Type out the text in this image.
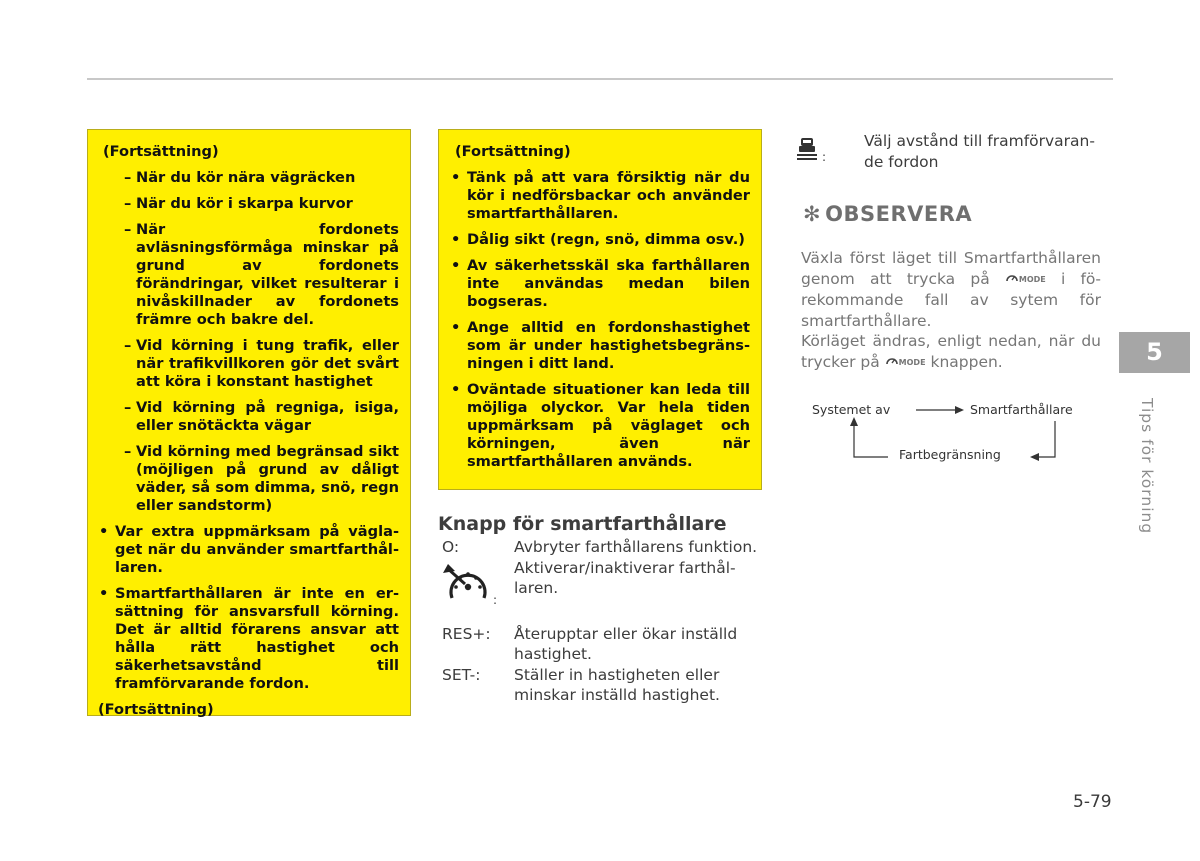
(Fortsättning)
– När du kör nära vägräcken
– När du kör i skarpa kurvor
– När fordonets avläsningsförmåga minskar på grund av fordonets förändringar, vilket resulterar i nivåskillnader av fordonets främre och bakre del.
– Vid körning i tung trafik, eller när trafikvillkoren gör det svårt att köra i konstant hastighet
– Vid körning på regniga, isiga, eller snötäckta vägar
– Vid körning med begränsad sikt (möjligen på grund av dåligt väder, så som dimma, snö, regn eller sandstorm)
• Var extra uppmärksam på väglaget när du använder smartfarthållaren.
• Smartfarthållaren är inte en ersättning för ansvarsfull körning. Det är alltid förarens ansvar att hålla rätt hastighet och säkerhetsavstånd till framförvarande fordon.
(Fortsättning)
(Fortsättning)
• Tänk på att vara försiktig när du kör i nedförsbackar och använder smartfarthållaren.
• Dålig sikt (regn, snö, dimma osv.)
• Av säkerhetsskäl ska farthållaren inte användas medan bilen bogseras.
• Ange alltid en fordonshastighet som är under hastighetsbegränsningen i ditt land.
• Oväntade situationer kan leda till möjliga olyckor. Var hela tiden uppmärksam på väglaget och körningen, även när smartfarthållaren används.
Knapp för smartfarthållare
O:	Avbryter farthållarens funktion.
:
Aktiverar/inaktiverar farthållaren.
RES+: Återupptar eller ökar inställd hastighet.
SET-: Ställer in hastigheten eller minskar inställd hastighet.
:
Välj avstånd till framförvarande fordon
✻ OBSERVERA

Växla först läget till Smartfarthållaren genom att trycka på MODE i förekommande fall av sytem för smartfarthållare.

Körläget ändras, enligt nedan, när du trycker på MODE knappen.

Systemet av	Smartfarthållare
Fartbegränsning
5
Tips för körning
5-79
